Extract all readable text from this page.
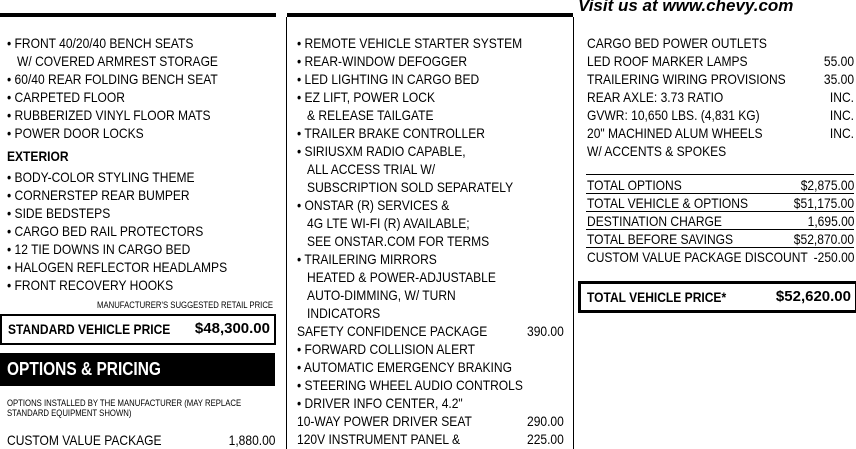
Visit us at www.chevy.com
• FRONT 40/20/40 BENCH SEATS
W/ COVERED ARMREST STORAGE
• 60/40 REAR FOLDING BENCH SEAT
• CARPETED FLOOR
• RUBBERIZED VINYL FLOOR MATS
• POWER DOOR LOCKS
EXTERIOR
• BODY-COLOR STYLING THEME
• CORNERSTEP REAR BUMPER
• SIDE BEDSTEPS
• CARGO BED RAIL PROTECTORS
• 12 TIE DOWNS IN CARGO BED
• HALOGEN REFLECTOR HEADLAMPS
• FRONT RECOVERY HOOKS
MANUFACTURER'S SUGGESTED RETAIL PRICE
STANDARD VEHICLE PRICE	$48,300.00
OPTIONS & PRICING
OPTIONS INSTALLED BY THE MANUFACTURER (MAY REPLACE
STANDARD EQUIPMENT SHOWN)
CUSTOM VALUE PACKAGE	1,880.00
• REMOTE VEHICLE STARTER SYSTEM
• REAR-WINDOW DEFOGGER
• LED LIGHTING IN CARGO BED
• EZ LIFT, POWER LOCK
& RELEASE TAILGATE
• TRAILER BRAKE CONTROLLER
• SIRIUSXM RADIO CAPABLE,
ALL ACCESS TRIAL W/
SUBSCRIPTION SOLD SEPARATELY
• ONSTAR (R) SERVICES &
4G LTE WI-FI (R) AVAILABLE;
SEE ONSTAR.COM FOR TERMS
• TRAILERING MIRRORS
HEATED & POWER-ADJUSTABLE
AUTO-DIMMING, W/ TURN
INDICATORS
SAFETY CONFIDENCE PACKAGE	390.00
• FORWARD COLLISION ALERT
• AUTOMATIC EMERGENCY BRAKING
• STEERING WHEEL AUDIO CONTROLS
• DRIVER INFO CENTER, 4.2"
10-WAY POWER DRIVER SEAT	290.00
120V INSTRUMENT PANEL &	225.00
CARGO BED POWER OUTLETS
LED ROOF MARKER LAMPS	55.00
TRAILERING WIRING PROVISIONS	35.00
REAR AXLE: 3.73 RATIO	INC.
GVWR: 10,650 LBS. (4,831 KG)	INC.
20" MACHINED ALUM WHEELS	INC.
W/ ACCENTS & SPOKES
TOTAL OPTIONS	$2,875.00
TOTAL VEHICLE & OPTIONS	$51,175.00
DESTINATION CHARGE	1,695.00
TOTAL BEFORE SAVINGS	$52,870.00
CUSTOM VALUE PACKAGE DISCOUNT -250.00
TOTAL VEHICLE PRICE*	$52,620.00
